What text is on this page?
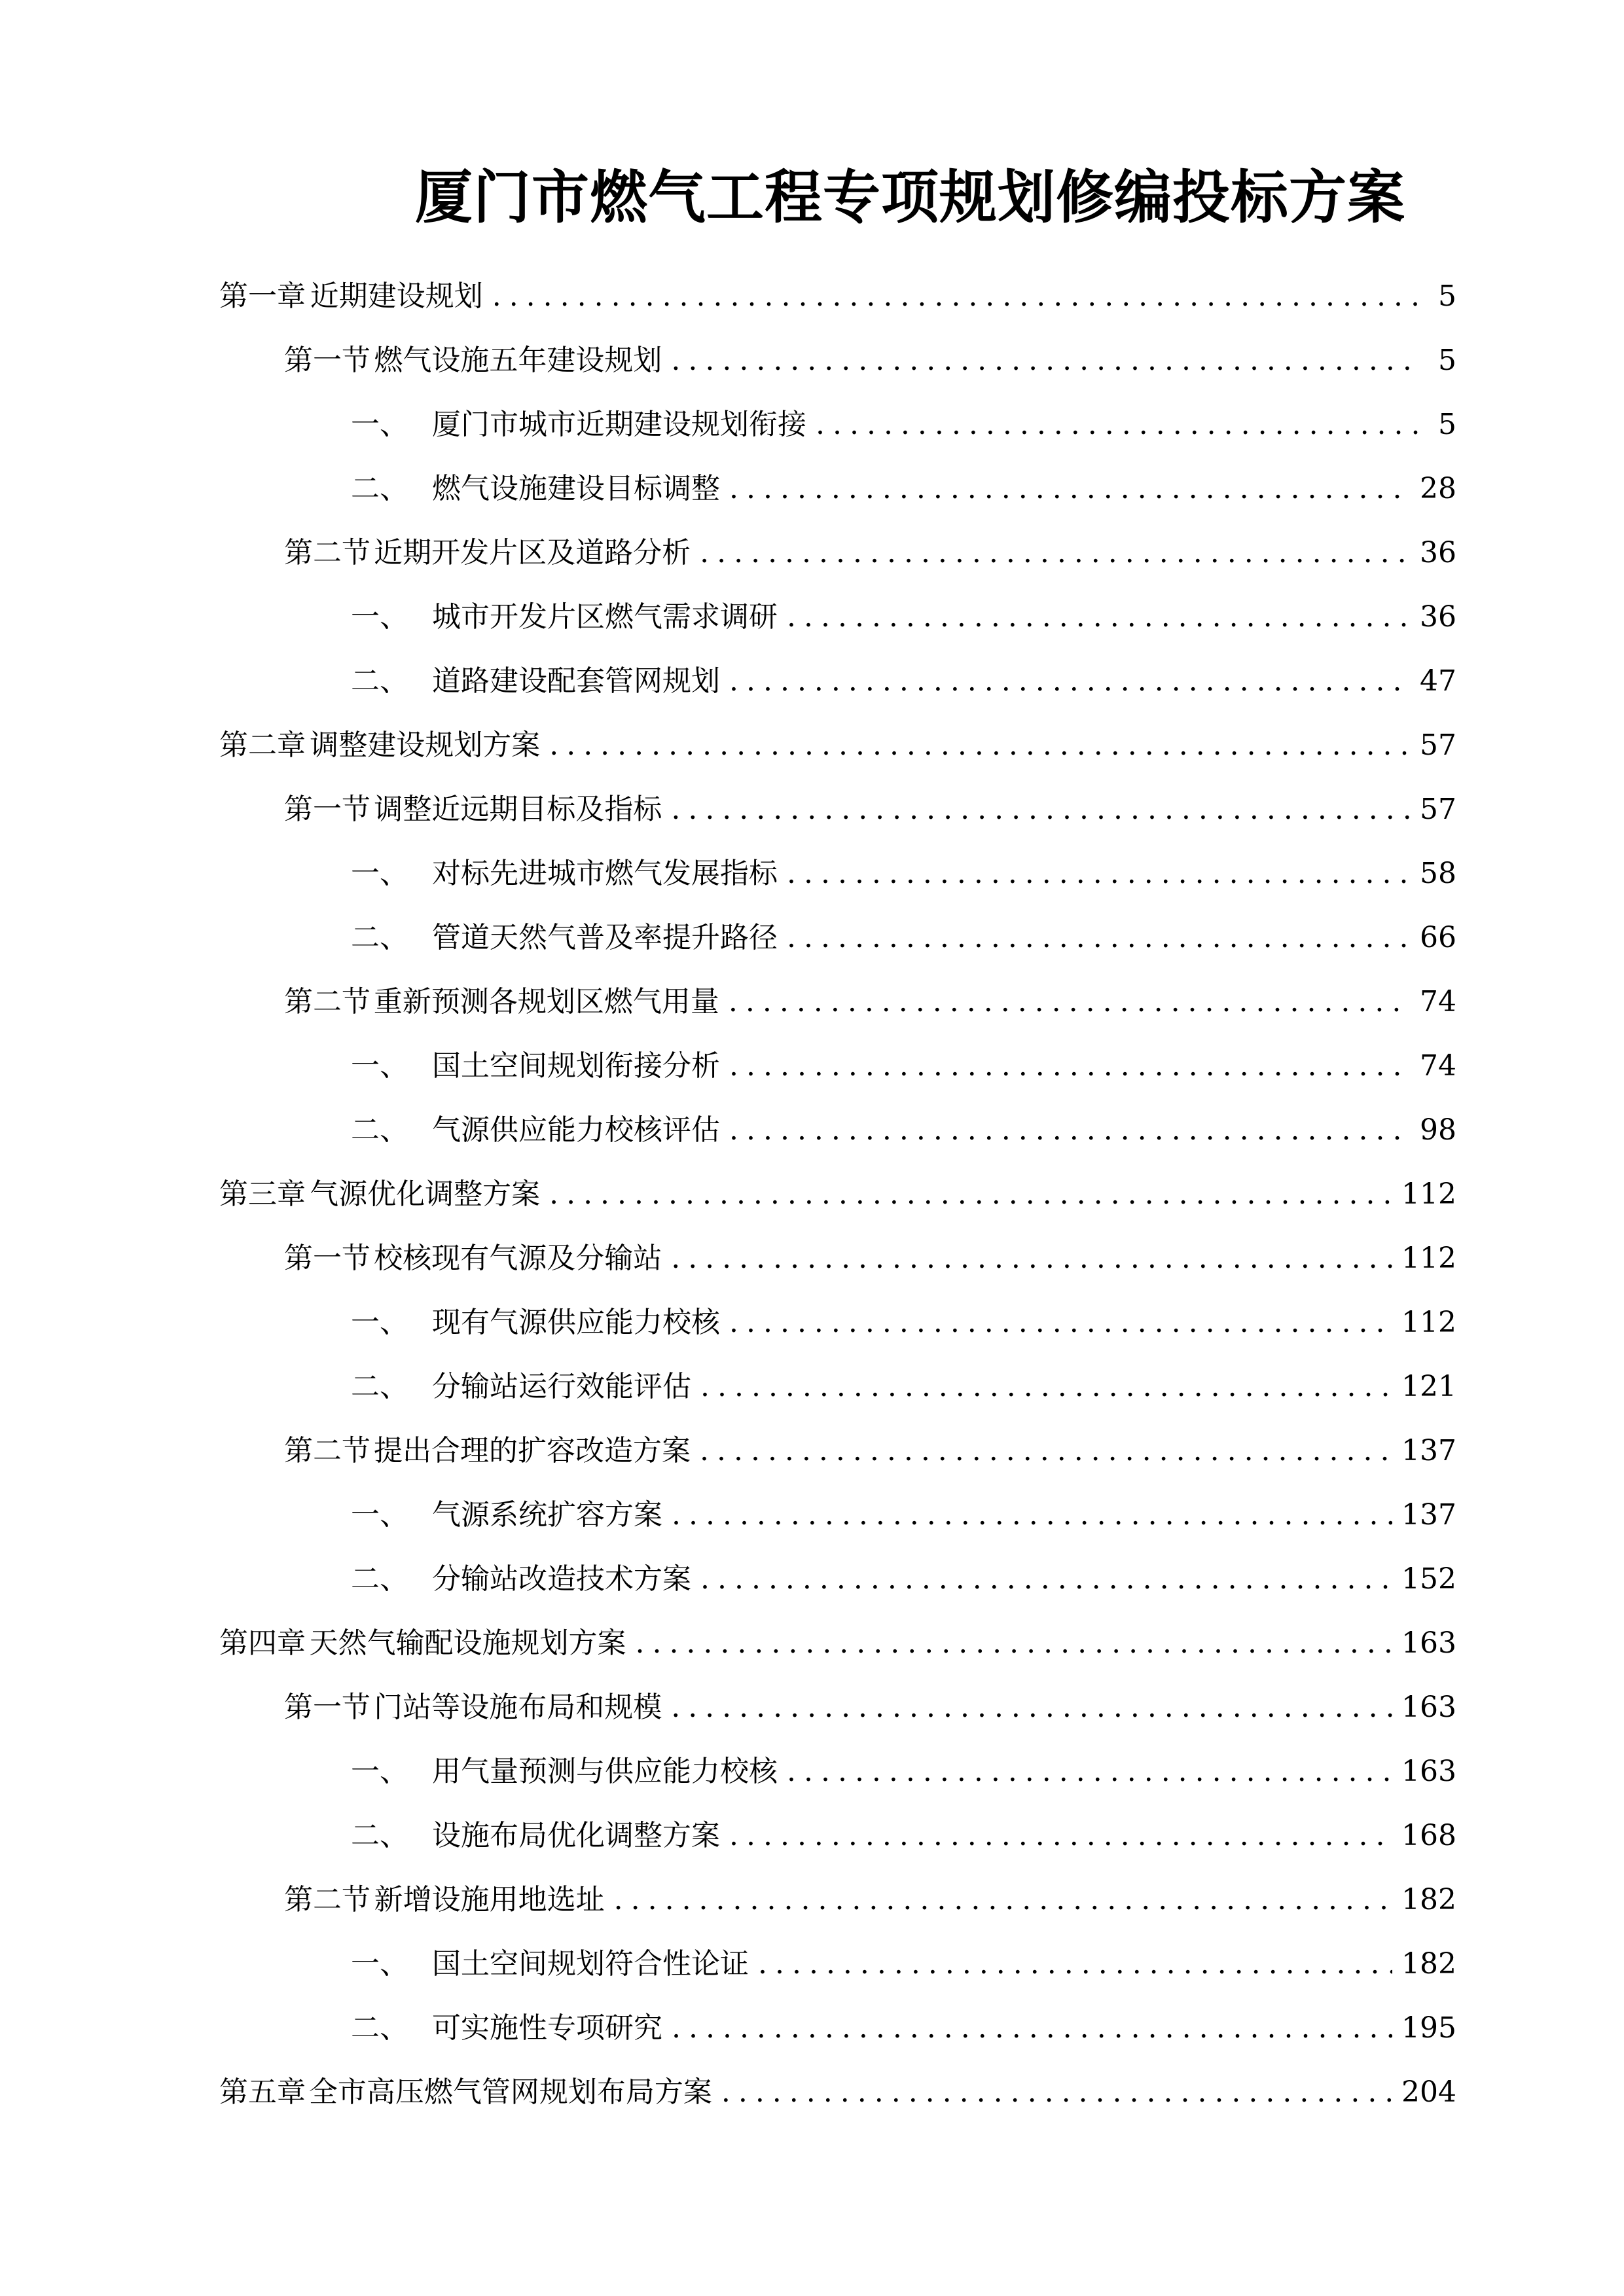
厦门市燃气工程专项规划修编投标方案
第一章 近期建设规划 .....	5
第一节 燃气设施五年建设规划 .....	5
一、 厦门市城市近期建设规划衔接 .....	5
二、 燃气设施建设目标调整 .....	28
第二节 近期开发片区及道路分析 .....	36
一、 城市开发片区燃气需求调研 .....	36
二、 道路建设配套管网规划 .....	47
第二章 调整建设规划方案 .....	57
第一节 调整近远期目标及指标 .....	57
一、 对标先进城市燃气发展指标 .....	58
二、 管道天然气普及率提升路径 .....	66
第二节 重新预测各规划区燃气用量 .....	74
一、 国土空间规划衔接分析 .....	74
二、 气源供应能力校核评估 .....	98
第三章 气源优化调整方案 .....	112
第一节 校核现有气源及分输站 .....	112
一、 现有气源供应能力校核 .....	112
二、 分输站运行效能评估 .....	121
第二节 提出合理的扩容改造方案 .....	137
一、 气源系统扩容方案 .....	137
二、 分输站改造技术方案 .....	152
第四章 天然气输配设施规划方案 .....	163
第一节 门站等设施布局和规模 .....	163
一、 用气量预测与供应能力校核 .....	163
二、 设施布局优化调整方案 .....	168
第二节 新增设施用地选址 .....	182
一、 国土空间规划符合性论证 .....	182
二、 可实施性专项研究 .....	195
第五章 全市高压燃气管网规划布局方案 .....	204
